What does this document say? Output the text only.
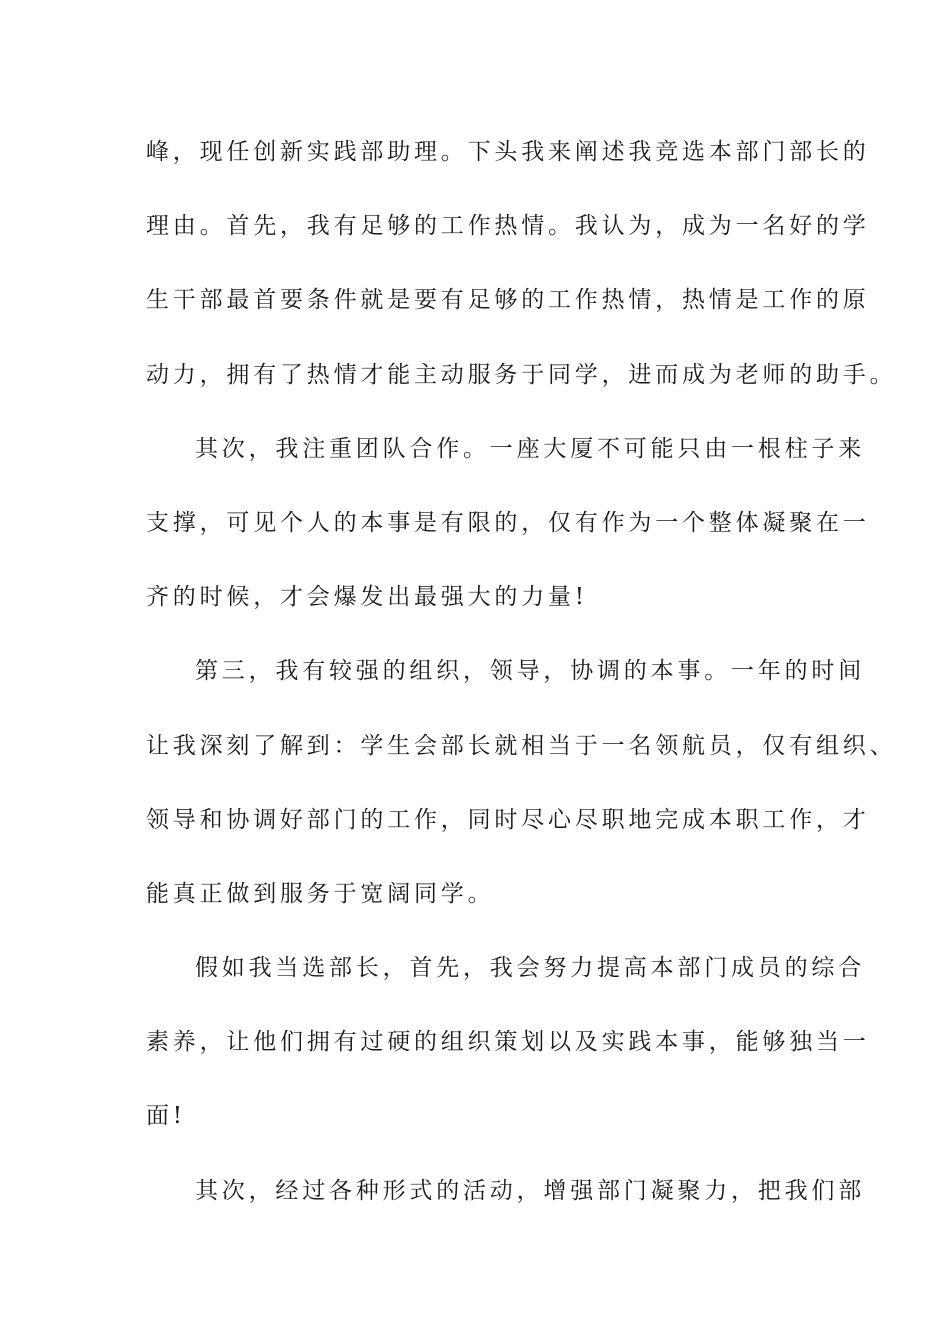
峰，现任创新实践部助理。下头我来阐述我竞选本部门部长的
理由。首先，我有足够的工作热情。我认为，成为一名好的学
生干部最首要条件就是要有足够的工作热情，热情是工作的原
动力，拥有了热情才能主动服务于同学，进而成为老师的助手。
其次，我注重团队合作。一座大厦不可能只由一根柱子来
支撑，可见个人的本事是有限的，仅有作为一个整体凝聚在一
齐的时候，才会爆发出最强大的力量!
第三，我有较强的组织，领导，协调的本事。一年的时间
让我深刻了解到：学生会部长就相当于一名领航员，仅有组织、
领导和协调好部门的工作，同时尽心尽职地完成本职工作，才
能真正做到服务于宽阔同学。
假如我当选部长，首先，我会努力提高本部门成员的综合
素养，让他们拥有过硬的组织策划以及实践本事，能够独当一
面!
其次，经过各种形式的活动，增强部门凝聚力，把我们部
